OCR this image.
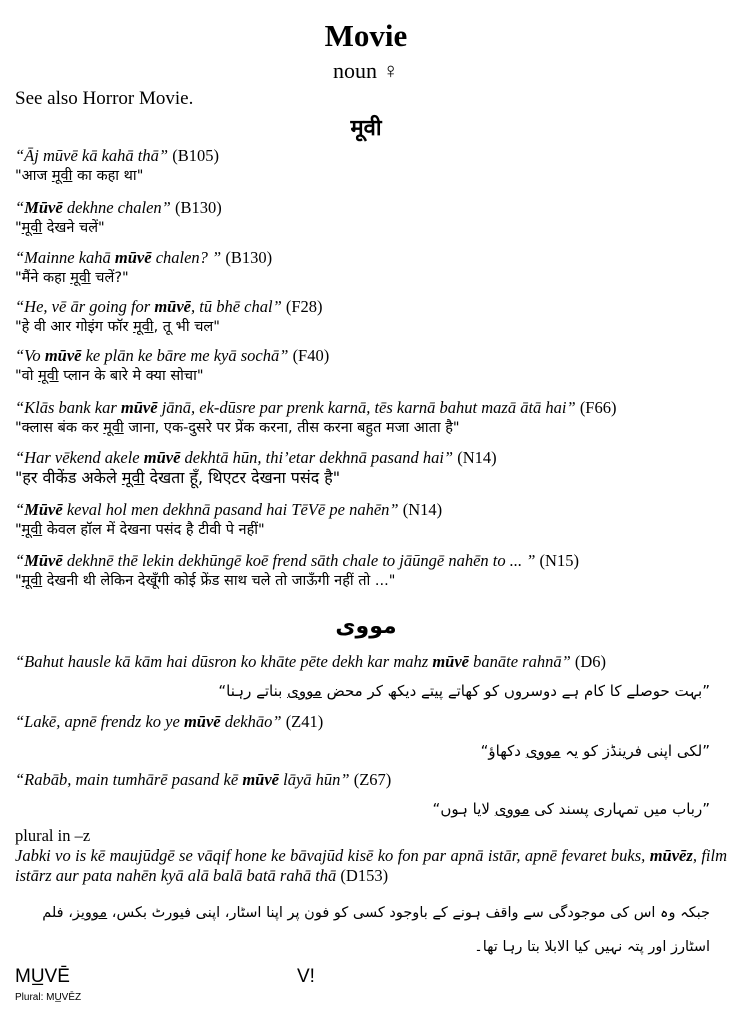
Movie
noun ♀
See also Horror Movie.
मूवी
“Āj mūvē kā kahā thā” (B105)
"आज मूवी का कहा था"
“Mūvē dekhne chalen” (B130)
"मूवी देखने चलें"
“Mainne kahā mūvē chalen? ” (B130)
"मैंने कहा मूवी चलें?"
“He, vē ār going for mūvē, tū bhē chal” (F28)
"हे वी आर गोइंग फॉर मूवी, तू भी चल"
“Vo mūvē ke plān ke bāre me kyā sochā” (F40)
"वो मूवी प्लान के बारे मे क्या सोचा"
“Klās bank kar mūvē jānā, ek-dūsre par prenk karnā, tēs karnā bahut mazā ātā hai” (F66)
"क्लास बंक कर मूवी जाना, एक-दुसरे पर प्रेंक करना, तीस करना बहुत मजा आता है"
“Har vēkend akele mūvē dekhtā hūn, thi’etar dekhnā pasand hai” (N14)
"हर वीकेंड अकेले मूवी देखता हूँ, थिएटर देखना पसंद है"
“Mūvē keval hol men dekhnā pasand hai TēVē pe nahēn” (N14)
"मूवी केवल हॉल में देखना पसंद है टीवी पे नहीं"
“Mūvē dekhnē thē lekin dekhūngē koē frend sāth chale to jāūngē nahēn to ... ” (N15)
"मूवी देखनी थी लेकिन देखूँगी कोई फ्रेंड साथ चले तो जाऊँगी नहीं तो ..."
مووی
“Bahut hausle kā kām hai dūsron ko khāte pēte dekh kar mahz mūvē banāte rahnā” (D6)
”بہت حوصلے کا کام ہے دوسروں کو کھاتے پیتے دیکھ کر محض مووی بناتے رہنا“
“Lakē, apnē frendz ko ye mūvē dekhāo” (Z41)
”لکی اپنی فرینڈز کو یہ مووی دکھاؤ“
“Rabāb, main tumhārē pasand kē mūvē lāyā hūn” (Z67)
”رباب میں تمہاری پسند کی مووی لایا ہوں“
plural in –z
Jabki vo is kē maujūdgē se vāqif hone ke bāvajūd kisē ko fon par apnā istār, apnē fevaret buks, mūvēz, film istārz aur pata nahēn kyā alā balā batā rahā thā (D153)
جبکہ وہ اس کی موجودگی سے واقف ہونے کے باوجود کسی کو فون پر اپنا اسٹار، اپنی فیورٹ بکس، موویز، فلم اسٹارز اور پتہ نہیں کیا الابلا بتا رہا تھا۔
MU̲VĒ
Plural: MU̲VĒZ
V!
